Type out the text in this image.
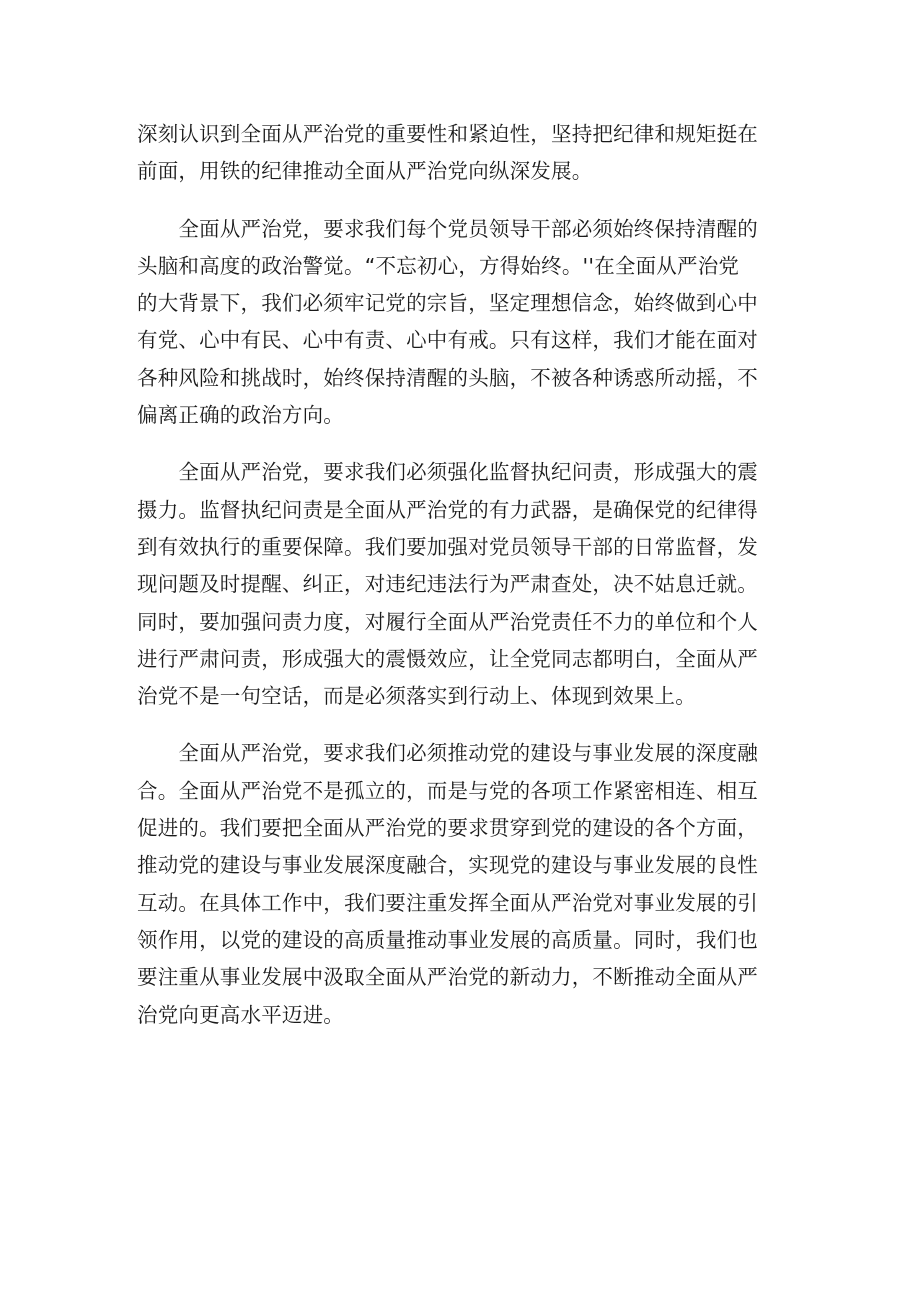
深刻认识到全面从严治党的重要性和紧迫性，坚持把纪律和规矩挺在
前面，用铁的纪律推动全面从严治党向纵深发展。

　　全面从严治党，要求我们每个党员领导干部必须始终保持清醒的
头脑和高度的政治警觉。“不忘初心，方得始终。''在全面从严治党
的大背景下，我们必须牢记党的宗旨，坚定理想信念，始终做到心中
有党、心中有民、心中有责、心中有戒。只有这样，我们才能在面对
各种风险和挑战时，始终保持清醒的头脑，不被各种诱惑所动摇，不
偏离正确的政治方向。

　　全面从严治党，要求我们必须强化监督执纪问责，形成强大的震
摄力。监督执纪问责是全面从严治党的有力武器，是确保党的纪律得
到有效执行的重要保障。我们要加强对党员领导干部的日常监督，发
现问题及时提醒、纠正，对违纪违法行为严肃查处，决不姑息迁就。
同时，要加强问责力度，对履行全面从严治党责任不力的单位和个人
进行严肃问责，形成强大的震慑效应，让全党同志都明白，全面从严
治党不是一句空话，而是必须落实到行动上、体现到效果上。

　　全面从严治党，要求我们必须推动党的建设与事业发展的深度融
合。全面从严治党不是孤立的，而是与党的各项工作紧密相连、相互
促进的。我们要把全面从严治党的要求贯穿到党的建设的各个方面，
推动党的建设与事业发展深度融合，实现党的建设与事业发展的良性
互动。在具体工作中，我们要注重发挥全面从严治党对事业发展的引
领作用，以党的建设的高质量推动事业发展的高质量。同时，我们也
要注重从事业发展中汲取全面从严治党的新动力，不断推动全面从严
治党向更高水平迈进。
